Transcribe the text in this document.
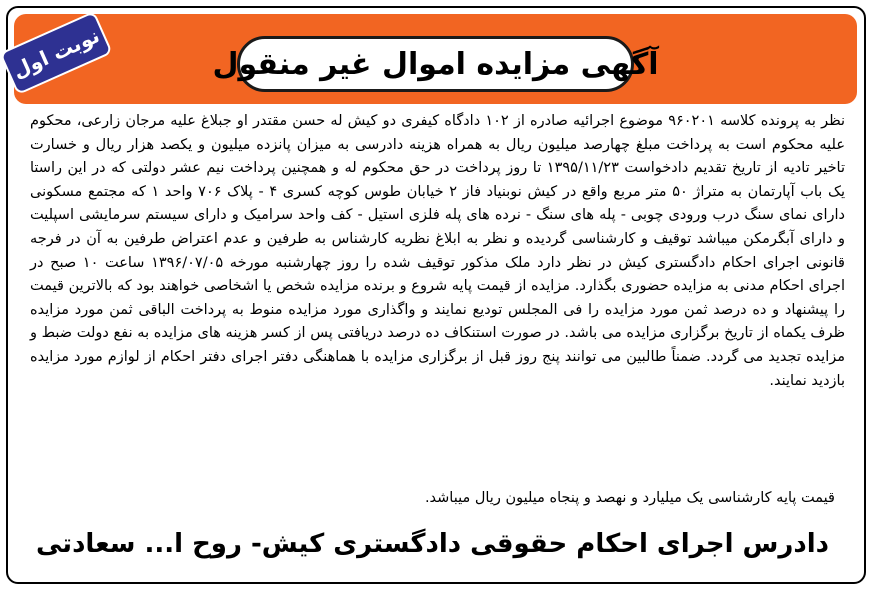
آگهی مزایده اموال غیر منقول
نوبت اول

نظر به پرونده کلاسه ۹۶۰۲۰۱ موضوع اجرائیه صادره از ۱۰۲ دادگاه کیفری دو کیش له حسن مقتدر او جبلاغ علیه مرجان زارعی، محکوم علیه محکوم است به پرداخت مبلغ چهارصد میلیون ریال به همراه هزینه دادرسی به میزان پانزده میلیون و یکصد هزار ریال و خسارت تاخیر تادیه از تاریخ تقدیم دادخواست ۱۳۹۵/۱۱/۲۳ تا روز پرداخت در حق محکوم له و همچنین پرداخت نیم عشر دولتی که در این راستا یک باب آپارتمان به متراژ ۵۰ متر مربع واقع در کیش نوبنیاد فاز ۲ خیابان طوس کوچه کسری ۴ - پلاک ۷۰۶ واحد ۱ که مجتمع مسکونی دارای نمای سنگ درب ورودی چوبی - پله های سنگ - نرده های پله فلزی استیل - کف واحد سرامیک و دارای سیستم سرمایشی اسپلیت و دارای آبگرمکن میباشد توقیف و کارشناسی گردیده و نظر به ابلاغ نظریه کارشناس به طرفین و عدم اعتراض طرفین به آن در فرجه قانونی اجرای احکام دادگستری کیش در نظر دارد ملک مذکور توقیف شده را روز چهارشنبه مورخه ۱۳۹۶/۰۷/۰۵ ساعت ۱۰ صبح در اجرای احکام مدنی به مزایده حضوری بگذارد. مزایده از قیمت پایه شروع و برنده مزایده شخص یا اشخاصی خواهند بود که بالاترین قیمت را پیشنهاد و ده درصد ثمن مورد مزایده را فی المجلس تودیع نمایند و واگذاری مورد مزایده منوط به پرداخت الباقی ثمن مورد مزایده ظرف یکماه از تاریخ برگزاری مزایده می باشد. در صورت استنکاف ده درصد دریافتی پس از کسر هزینه های مزایده به نفع دولت ضبط و مزایده تجدید می گردد. ضمناً طالبین می توانند پنج روز قبل از برگزاری مزایده با هماهنگی دفتر اجرای دفتر احکام از لوازم مورد مزایده بازدید نمایند.

قیمت پایه کارشناسی یک میلیارد و نهصد و پنجاه میلیون ریال میباشد.
دادرس اجرای احکام حقوقی دادگستری کیش- روح ا... سعادتی
